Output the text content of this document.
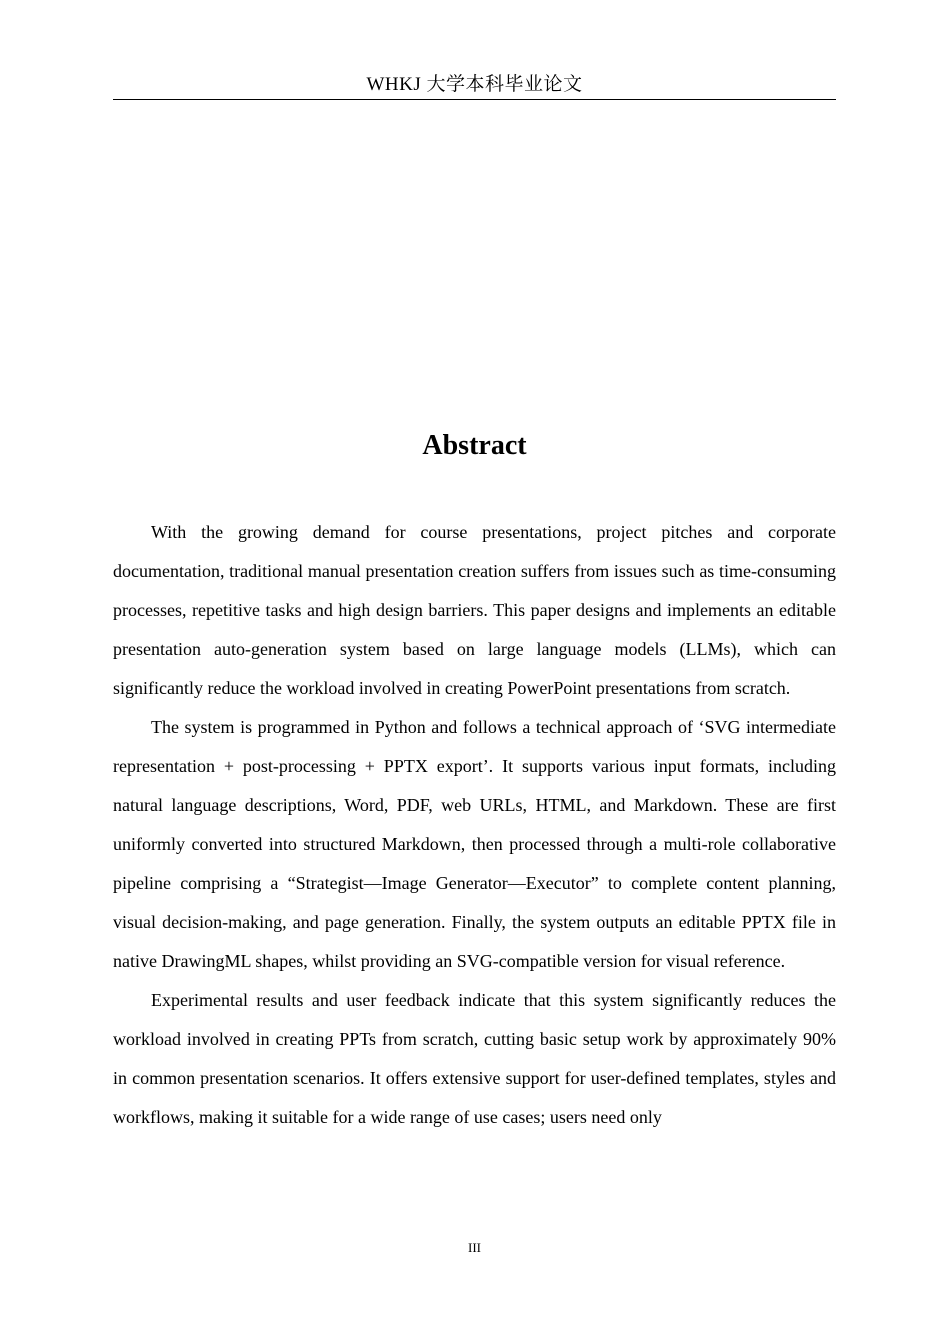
WHKJ 大学本科毕业论文
Abstract

With the growing demand for course presentations, project pitches and corporate documentation, traditional manual presentation creation suffers from issues such as time-consuming processes, repetitive tasks and high design barriers. This paper designs and implements an editable presentation auto-generation system based on large language models (LLMs), which can significantly reduce the workload involved in creating PowerPoint presentations from scratch.

The system is programmed in Python and follows a technical approach of ‘SVG intermediate representation + post-processing + PPTX export’. It supports various input formats, including natural language descriptions, Word, PDF, web URLs, HTML, and Markdown. These are first uniformly converted into structured Markdown, then processed through a multi-role collaborative pipeline comprising a “Strategist—Image Generator—Executor” to complete content planning, visual decision-making, and page generation. Finally, the system outputs an editable PPTX file in native DrawingML shapes, whilst providing an SVG-compatible version for visual reference.

Experimental results and user feedback indicate that this system significantly reduces the workload involved in creating PPTs from scratch, cutting basic setup work by approximately 90% in common presentation scenarios. It offers extensive support for user-defined templates, styles and workflows, making it suitable for a wide range of use cases; users need only

III
